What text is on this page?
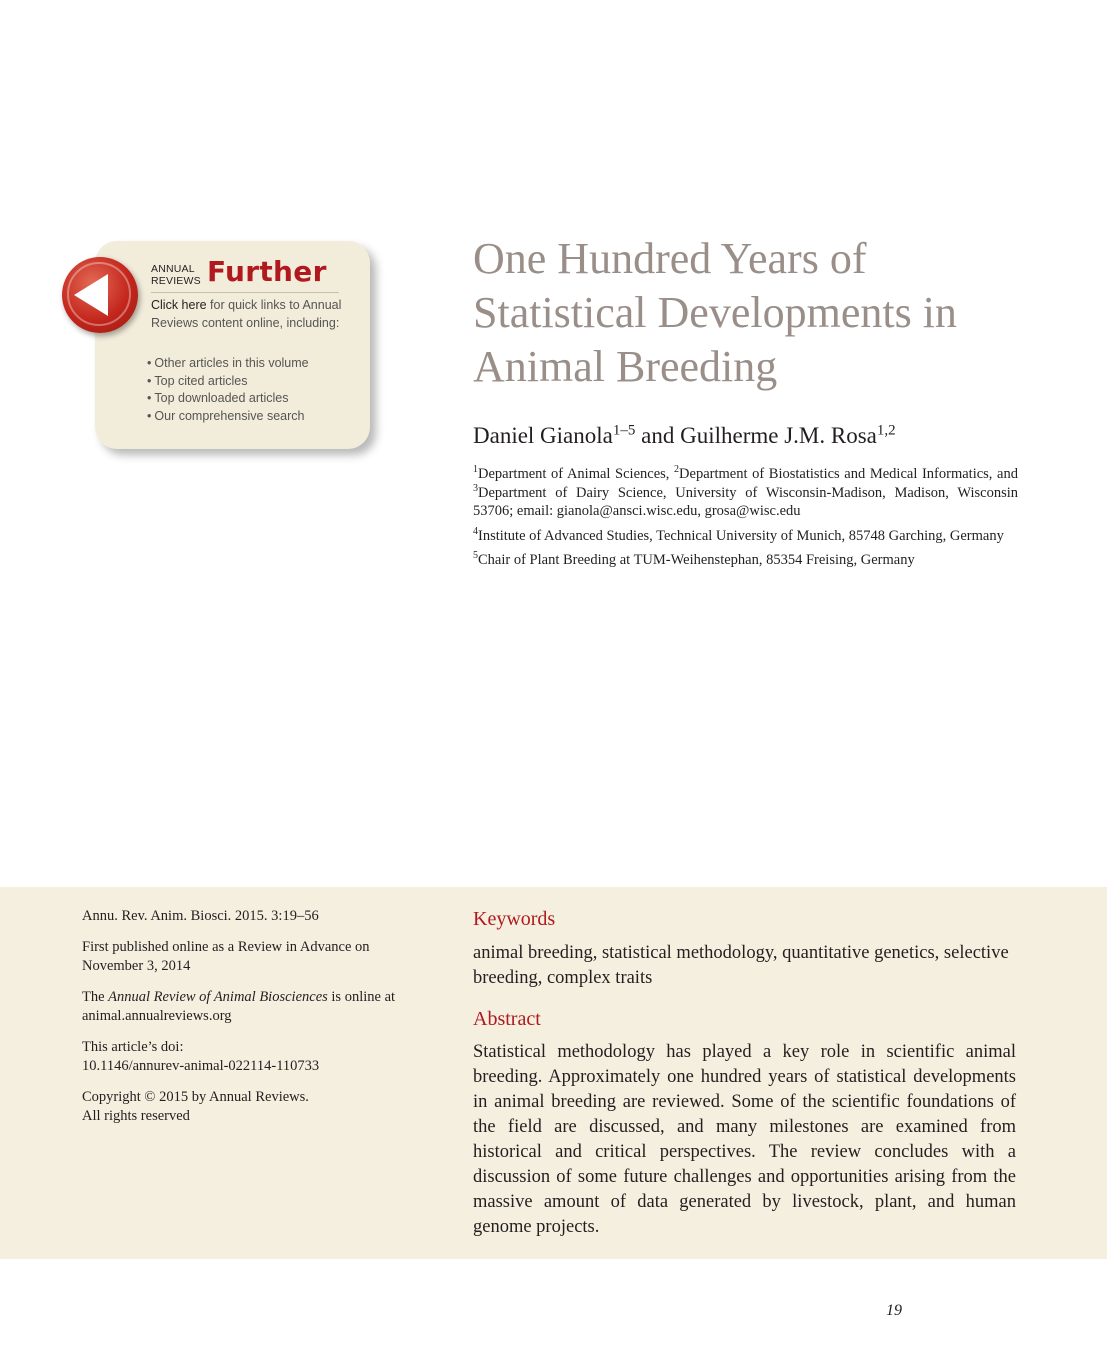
ANNUAL
REVIEWS Further
Click here for quick links to Annual Reviews content online, including:
• Other articles in this volume
• Top cited articles
• Top downloaded articles
• Our comprehensive search
One Hundred Years of
Statistical Developments in
Animal Breeding
Daniel Gianola$^{1-5}$ and Guilherme J.M. Rosa$^{1,2}$

$^1$Department of Animal Sciences, $^2$Department of Biostatistics and Medical Informatics, and $^3$Department of Dairy Science, University of Wisconsin-Madison, Madison, Wisconsin 53706; email: gianola@ansci.wisc.edu, grosa@wisc.edu

$^4$Institute of Advanced Studies, Technical University of Munich, 85748 Garching, Germany

$^5$Chair of Plant Breeding at TUM-Weihenstephan, 85354 Freising, Germany

Annu. Rev. Anim. Biosci. 2015. 3:19–56

First published online as a Review in Advance on November 3, 2014

The Annual Review of Animal Biosciences is online at animal.annualreviews.org

This article’s doi:
10.1146/annurev-animal-022114-110733

Copyright © 2015 by Annual Reviews.
All rights reserved

Keywords
animal breeding, statistical methodology, quantitative genetics, selective breeding, complex traits
Abstract
Statistical methodology has played a key role in scientific animal breeding. Approximately one hundred years of statistical developments in animal breeding are reviewed. Some of the scientific foundations of the field are discussed, and many milestones are examined from historical and critical perspectives. The review concludes with a discussion of some future challenges and opportunities arising from the massive amount of data generated by livestock, plant, and human genome projects.
19
